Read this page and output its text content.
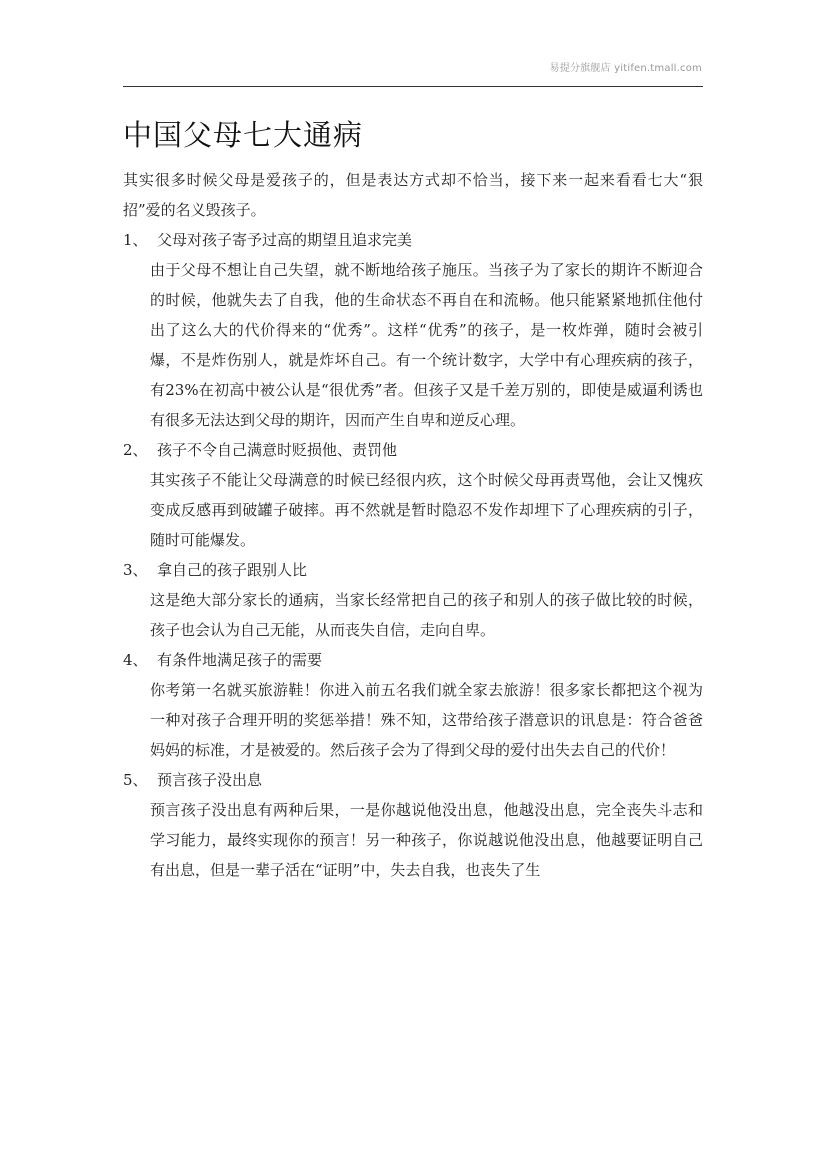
易提分旗舰店 yitifen.tmall.com
中国父母七大通病

其实很多时候父母是爱孩子的，但是表达方式却不恰当，接下来一起来看看七大“狠招”爱的名义毁孩子。

1、 父母对孩子寄予过高的期望且追求完美

由于父母不想让自己失望，就不断地给孩子施压。当孩子为了家长的期许不断迎合的时候，他就失去了自我，他的生命状态不再自在和流畅。他只能紧紧地抓住他付出了这么大的代价得来的“优秀”。这样“优秀”的孩子，是一枚炸弹，随时会被引爆，不是炸伤别人，就是炸坏自己。有一个统计数字，大学中有心理疾病的孩子，有23%在初高中被公认是“很优秀”者。但孩子又是千差万别的，即使是威逼利诱也有很多无法达到父母的期许，因而产生自卑和逆反心理。

2、 孩子不令自己满意时贬损他、责罚他

其实孩子不能让父母满意的时候已经很内疚，这个时候父母再责骂他，会让又愧疚变成反感再到破罐子破摔。再不然就是暂时隐忍不发作却埋下了心理疾病的引子，随时可能爆发。

3、 拿自己的孩子跟别人比

这是绝大部分家长的通病，当家长经常把自己的孩子和别人的孩子做比较的时候，孩子也会认为自己无能，从而丧失自信，走向自卑。

4、 有条件地满足孩子的需要

你考第一名就买旅游鞋！你进入前五名我们就全家去旅游！很多家长都把这个视为一种对孩子合理开明的奖惩举措！殊不知，这带给孩子潜意识的讯息是：符合爸爸妈妈的标准，才是被爱的。然后孩子会为了得到父母的爱付出失去自己的代价！

5、 预言孩子没出息

预言孩子没出息有两种后果，一是你越说他没出息，他越没出息，完全丧失斗志和学习能力，最终实现你的预言！另一种孩子，你说越说他没出息，他越要证明自己有出息，但是一辈子活在“证明”中，失去自我，也丧失了生
